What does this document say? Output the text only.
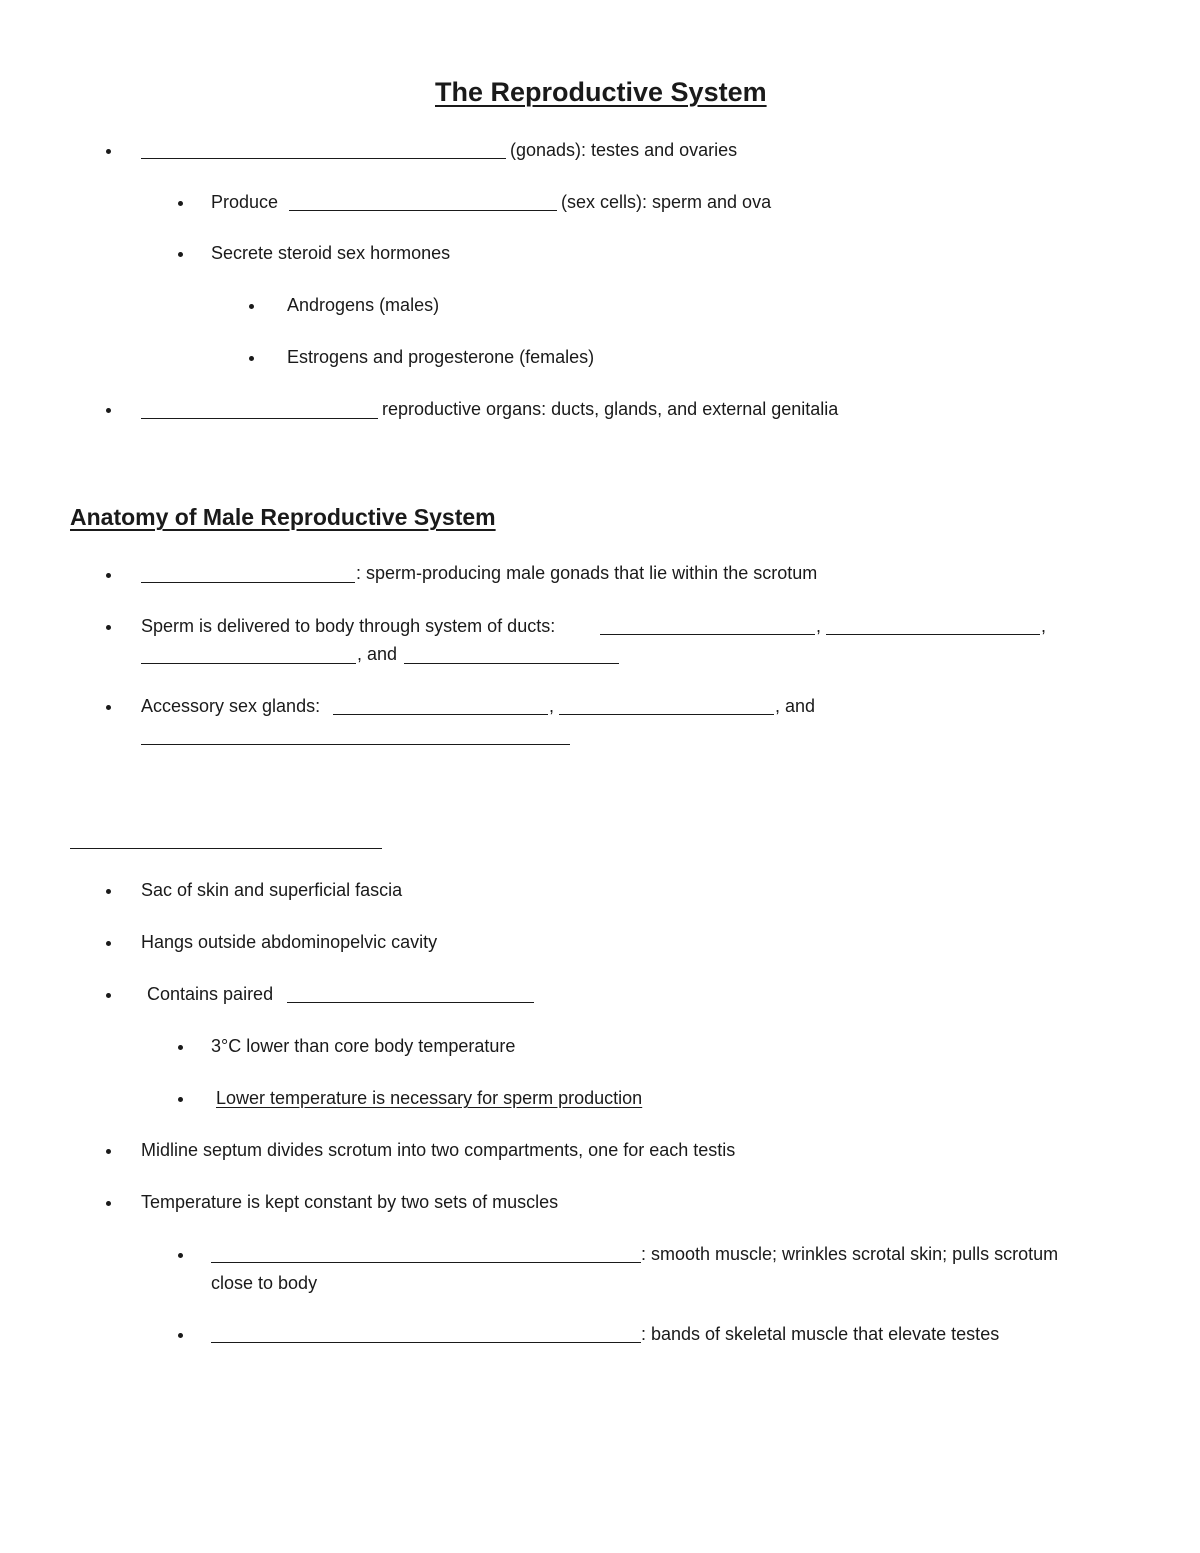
The Reproductive System
(gonads): testes and ovaries
Produce	(sex cells): sperm and ova
Secrete steroid sex hormones
Androgens (males)
Estrogens and progesterone (females)
reproductive organs: ducts, glands, and external genitalia
Anatomy of Male Reproductive System
: sperm-producing male gonads that lie within the scrotum
Sperm is delivered to body through system of ducts:	,	,
, and
Accessory sex glands:	,	, and
Sac of skin and superficial fascia
Hangs outside abdominopelvic cavity
Contains paired
3°C lower than core body temperature
Lower temperature is necessary for sperm production
Midline septum divides scrotum into two compartments, one for each testis
Temperature is kept constant by two sets of muscles
: smooth muscle; wrinkles scrotal skin; pulls scrotum
close to body
: bands of skeletal muscle that elevate testes
